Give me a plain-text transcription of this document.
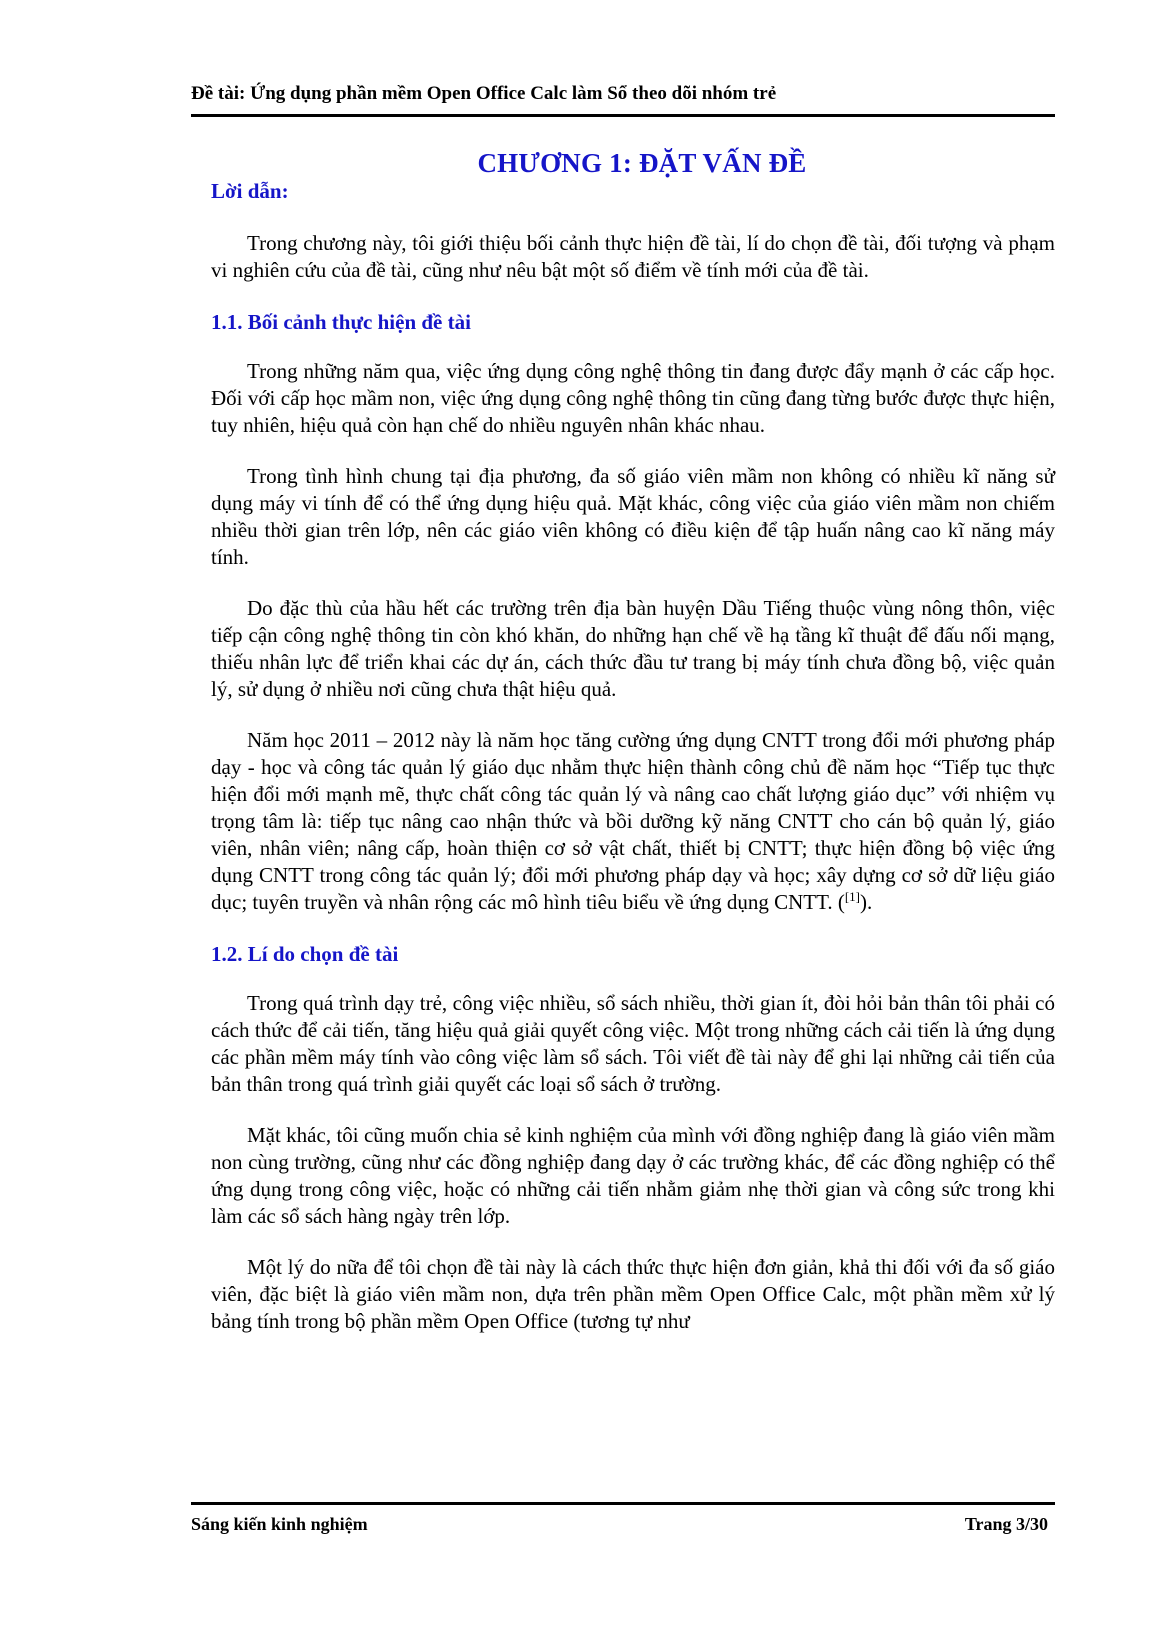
Đề tài: Ứng dụng phần mềm Open Office Calc làm Sổ theo dõi nhóm trẻ
CHƯƠNG 1: ĐẶT VẤN ĐỀ
Lời dẫn:

Trong chương này, tôi giới thiệu bối cảnh thực hiện đề tài, lí do chọn đề tài, đối tượng và phạm vi nghiên cứu của đề tài, cũng như nêu bật một số điểm về tính mới của đề tài.

1.1. Bối cảnh thực hiện đề tài

Trong những năm qua, việc ứng dụng công nghệ thông tin đang được đẩy mạnh ở các cấp học. Đối với cấp học mầm non, việc ứng dụng công nghệ thông tin cũng đang từng bước được thực hiện, tuy nhiên, hiệu quả còn hạn chế do nhiều nguyên nhân khác nhau.

Trong tình hình chung tại địa phương, đa số giáo viên mầm non không có nhiều kĩ năng sử dụng máy vi tính để có thể ứng dụng hiệu quả. Mặt khác, công việc của giáo viên mầm non chiếm nhiều thời gian trên lớp, nên các giáo viên không có điều kiện để tập huấn nâng cao kĩ năng máy tính.

Do đặc thù của hầu hết các trường trên địa bàn huyện Dầu Tiếng thuộc vùng nông thôn, việc tiếp cận công nghệ thông tin còn khó khăn, do những hạn chế về hạ tầng kĩ thuật để đấu nối mạng, thiếu nhân lực để triển khai các dự án, cách thức đầu tư trang bị máy tính chưa đồng bộ, việc quản lý, sử dụng ở nhiều nơi cũng chưa thật hiệu quả.

Năm học 2011 – 2012 này là năm học tăng cường ứng dụng CNTT trong đổi mới phương pháp dạy - học và công tác quản lý giáo dục nhằm thực hiện thành công chủ đề năm học “Tiếp tục thực hiện đổi mới mạnh mẽ, thực chất công tác quản lý và nâng cao chất lượng giáo dục” với nhiệm vụ trọng tâm là: tiếp tục nâng cao nhận thức và bồi dưỡng kỹ năng CNTT cho cán bộ quản lý, giáo viên, nhân viên; nâng cấp, hoàn thiện cơ sở vật chất, thiết bị CNTT; thực hiện đồng bộ việc ứng dụng CNTT trong công tác quản lý; đổi mới phương pháp dạy và học; xây dựng cơ sở dữ liệu giáo dục; tuyên truyền và nhân rộng các mô hình tiêu biểu về ứng dụng CNTT. ([1]).

1.2. Lí do chọn đề tài

Trong quá trình dạy trẻ, công việc nhiều, sổ sách nhiều, thời gian ít, đòi hỏi bản thân tôi phải có cách thức để cải tiến, tăng hiệu quả giải quyết công việc. Một trong những cách cải tiến là ứng dụng các phần mềm máy tính vào công việc làm sổ sách. Tôi viết đề tài này để ghi lại những cải tiến của bản thân trong quá trình giải quyết các loại sổ sách ở trường.

Mặt khác, tôi cũng muốn chia sẻ kinh nghiệm của mình với đồng nghiệp đang là giáo viên mầm non cùng trường, cũng như các đồng nghiệp đang dạy ở các trường khác, để các đồng nghiệp có thể ứng dụng trong công việc, hoặc có những cải tiến nhằm giảm nhẹ thời gian và công sức trong khi làm các sổ sách hàng ngày trên lớp.

Một lý do nữa để tôi chọn đề tài này là cách thức thực hiện đơn giản, khả thi đối với đa số giáo viên, đặc biệt là giáo viên mầm non, dựa trên phần mềm Open Office Calc, một phần mềm xử lý bảng tính trong bộ phần mềm Open Office (tương tự như

Sáng kiến kinh nghiệm	Trang 3/30
